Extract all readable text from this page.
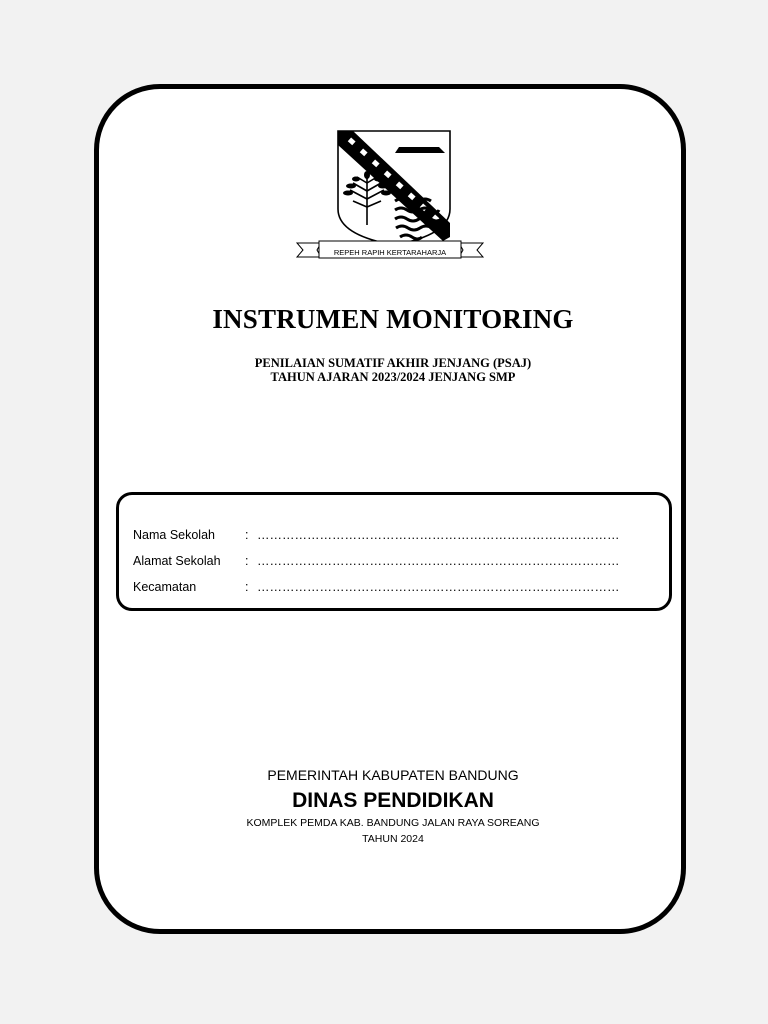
REPEH RAPIH KERTARAHARJA
INSTRUMEN MONITORING
PENILAIAN SUMATIF AKHIR JENJANG (PSAJ)
TAHUN AJARAN 2023/2024 JENJANG SMP
Nama Sekolah : ……………………………………………………………………………
Alamat Sekolah : ……………………………………………………………………………
Kecamatan	: ……………………………………………………………………………
PEMERINTAH KABUPATEN BANDUNG
DINAS PENDIDIKAN
KOMPLEK PEMDA KAB. BANDUNG JALAN RAYA SOREANG
TAHUN 2024
